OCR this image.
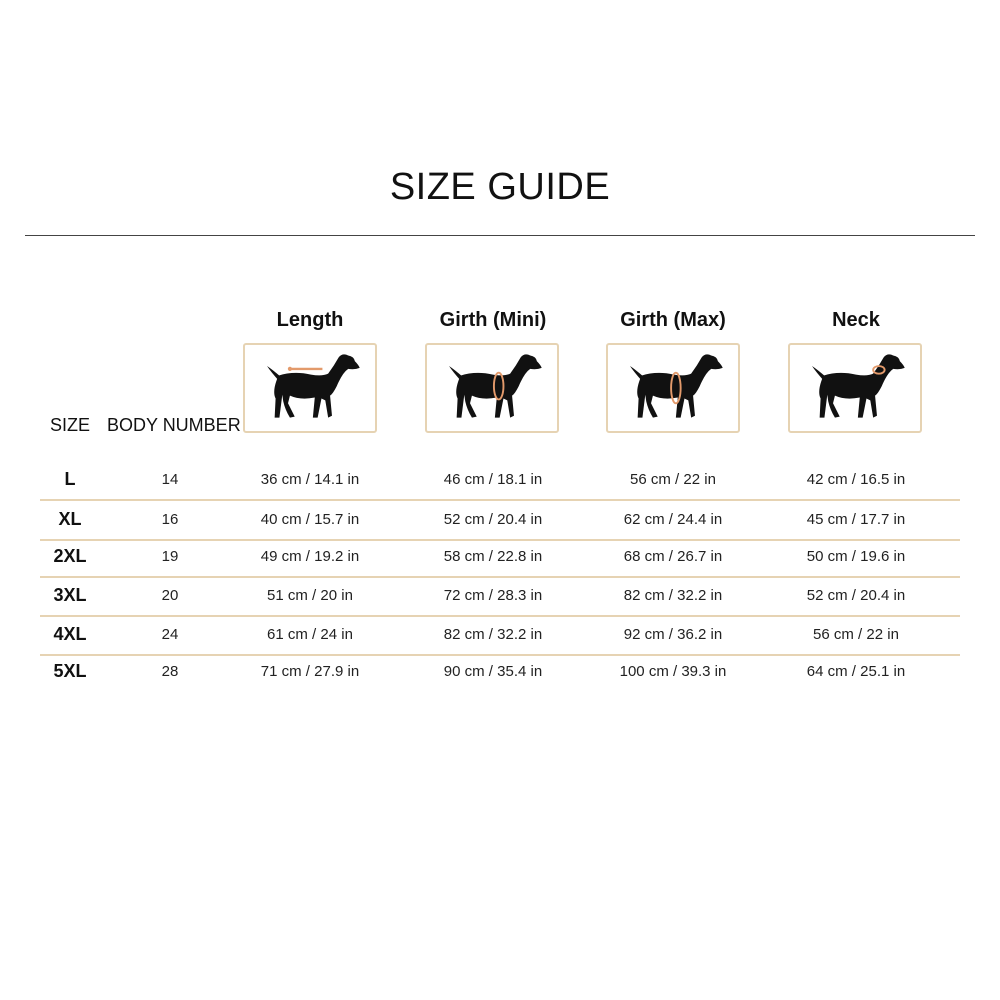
SIZE GUIDE
Length	Girth (Mini)	Girth (Max)	Neck
SIZE BODY NUMBER
L	14	36 cm / 14.1 in	46 cm / 18.1 in	56 cm / 22 in	42 cm / 16.5 in
XL	16	40 cm / 15.7 in	52 cm / 20.4 in	62 cm / 24.4 in	45 cm / 17.7 in
2XL	19	49 cm / 19.2 in	58 cm / 22.8 in	68 cm / 26.7 in	50 cm / 19.6 in
3XL	20	51 cm / 20 in	72 cm / 28.3 in	82 cm / 32.2 in	52 cm / 20.4 in
4XL	24	61 cm / 24 in	82 cm / 32.2 in	92 cm / 36.2 in	56 cm / 22 in
5XL	28	71 cm / 27.9 in	90 cm / 35.4 in	100 cm / 39.3 in	64 cm / 25.1 in
